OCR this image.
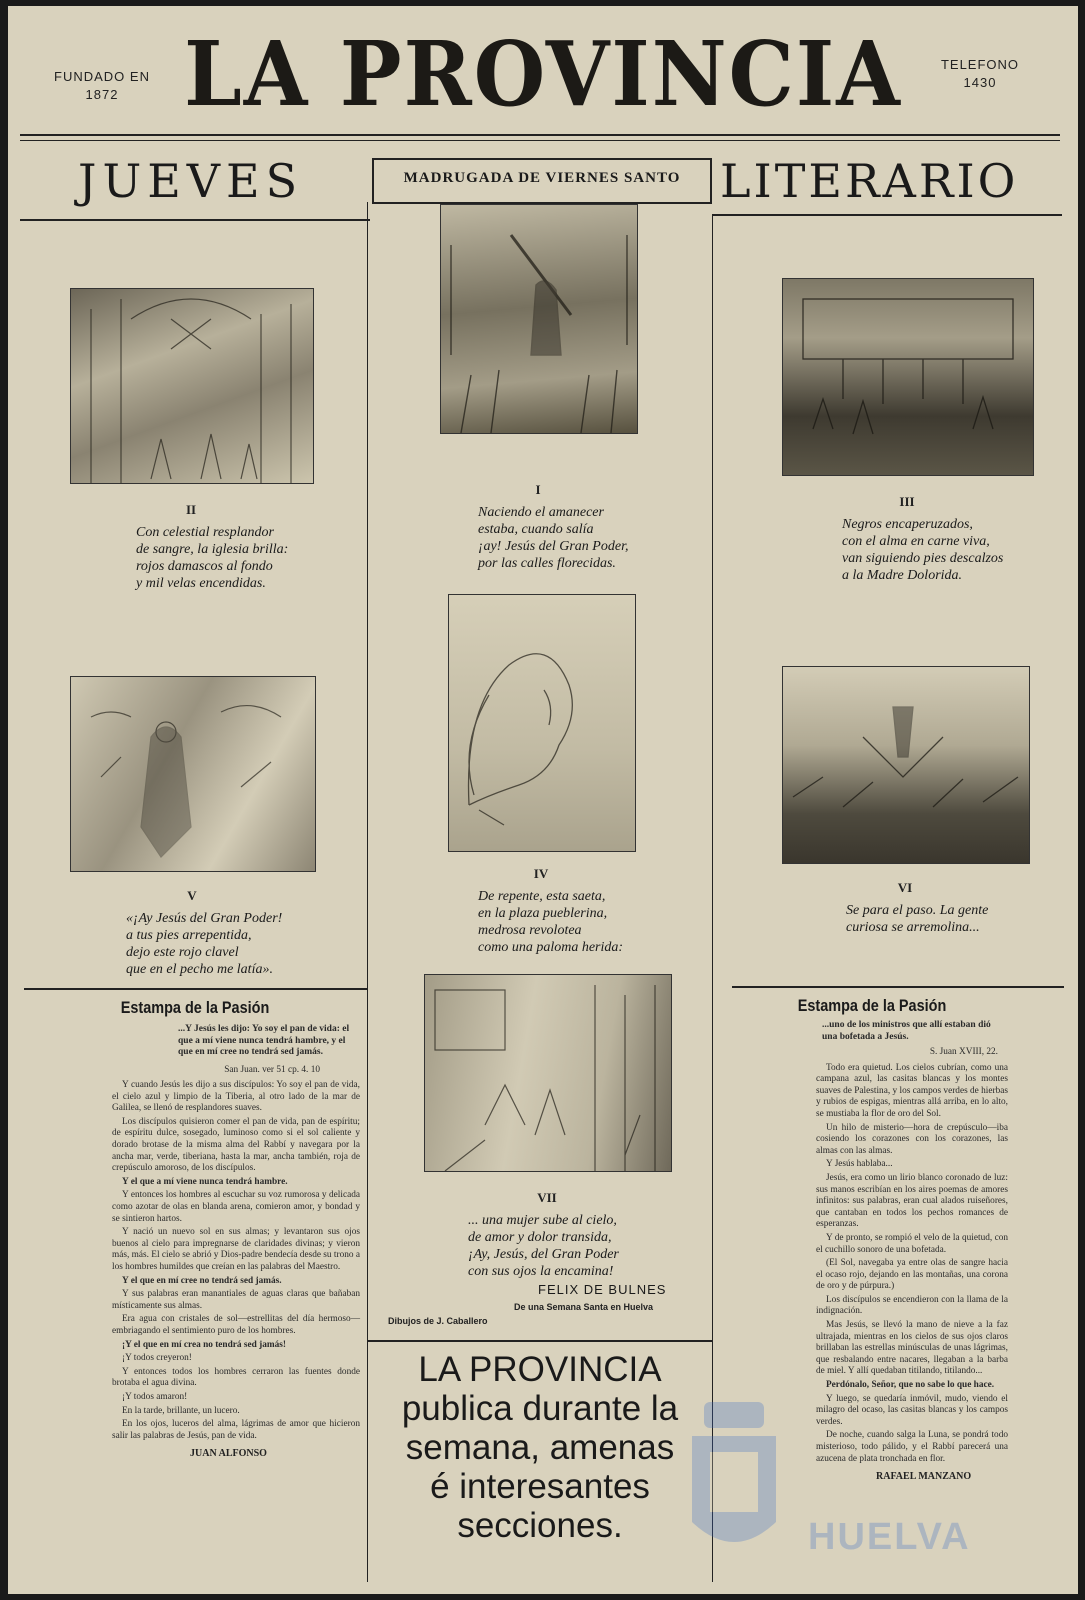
FUNDADO EN
1872 LA PROVINCIA	TELEFONO
1430
JUEVES	MADRUGADA DE VIERNES SANTO LITERARIO
II
Con celestial resplandor
de sangre, la iglesia brilla:
rojos damascos al fondo
y mil velas encendidas.
V
«¡Ay Jesús del Gran Poder!
a tus pies arrepentida,
dejo este rojo clavel
que en el pecho me latía».
Estampa de la Pasión
...Y Jesús les dijo: Yo soy el pan de vida: el que a mí viene nunca tendrá hambre, y el que en mí cree no tendrá sed jamás.
San Juan. ver 51 cp. 4. 10

Y cuando Jesús les dijo a sus discípulos: Yo soy el pan de vida, el cielo azul y limpio de la Tiberia, al otro lado de la mar de Galilea, se llenó de resplandores suaves.

Los discípulos quisieron comer el pan de vida, pan de espíritu; de espíritu dulce, sosegado, luminoso como si el sol caliente y dorado brotase de la misma alma del Rabbí y navegara por la ancha mar, verde, tiberiana, hasta la mar, ancha también, roja de crepúsculo amoroso, de los discípulos.

Y el que a mí viene nunca tendrá hambre.

Y entonces los hombres al escuchar su voz rumorosa y delicada como azotar de olas en blanda arena, comieron amor, y bondad y se sintieron hartos.

Y nació un nuevo sol en sus almas; y levantaron sus ojos buenos al cielo para impregnarse de claridades divinas; y vieron más, más. El cielo se abrió y Dios-padre bendecía desde su trono a los hombres humildes que creían en las palabras del Maestro.

Y el que en mí cree no tendrá sed jamás.

Y sus palabras eran manantiales de aguas claras que bañaban místicamente sus almas.

Era agua con cristales de sol—estrellitas del día hermoso—embriagando el sentimiento puro de los hombres.

¡Y el que en mí crea no tendrá sed jamás!

¡Y todos creyeron!

Y entonces todos los hombres cerraron las fuentes donde brotaba el agua divina.

¡Y todos amaron!

En la tarde, brillante, un lucero.

En los ojos, luceros del alma, lágrimas de amor que hicieron salir las palabras de Jesús, pan de vida.

JUAN ALFONSO
I
Naciendo el amanecer
estaba, cuando salía
¡ay! Jesús del Gran Poder,
por las calles florecidas.
IV
De repente, esta saeta,
en la plaza pueblerina,
medrosa revolotea
como una paloma herida:
VII
... una mujer sube al cielo,
de amor y dolor transida,
¡Ay, Jesús, del Gran Poder
con sus ojos la encamina!
FELIX DE BULNES
De una Semana Santa en Huelva
Dibujos de J. Caballero
LA PROVINCIA
publica durante la
semana, amenas
é interesantes
secciones.
III
Negros encaperuzados,
con el alma en carne viva,
van siguiendo pies descalzos
a la Madre Dolorida.
VI
Se para el paso. La gente
curiosa se arremolina...
Estampa de la Pasión
...uno de los ministros que allí estaban dió una bofetada a Jesús.
S. Juan XVIII, 22.

Todo era quietud. Los cielos cubrían, como una campana azul, las casitas blancas y los montes suaves de Palestina, y los campos verdes de hierbas y rubios de espigas, mientras allá arriba, en lo alto, se mustiaba la flor de oro del Sol.

Un hilo de misterio—hora de crepúsculo—iba cosiendo los corazones con los corazones, las almas con las almas.

Y Jesús hablaba...

Jesús, era como un lirio blanco coronado de luz: sus manos escribían en los aires poemas de amores infinitos: sus palabras, eran cual alados ruiseñores, que cantaban en todos los pechos romances de esperanzas.

Y de pronto, se rompió el velo de la quietud, con el cuchillo sonoro de una bofetada.

(El Sol, navegaba ya entre olas de sangre hacia el ocaso rojo, dejando en las montañas, una corona de oro y de púrpura.)

Los discípulos se encendieron con la llama de la indignación.

Mas Jesús, se llevó la mano de nieve a la faz ultrajada, mientras en los cielos de sus ojos claros brillaban las estrellas minúsculas de unas lágrimas, que resbalando entre nacares, llegaban a la barba de miel. Y allí quedaban titilando, titilando...

Perdónalo, Señor, que no sabe lo que hace.

Y luego, se quedaría inmóvil, mudo, viendo el milagro del ocaso, las casitas blancas y los campos verdes.

De noche, cuando salga la Luna, se pondrá todo misterioso, todo pálido, y el Rabbí parecerá una azucena de plata tronchada en flor.

RAFAEL MANZANO
HUELVA
